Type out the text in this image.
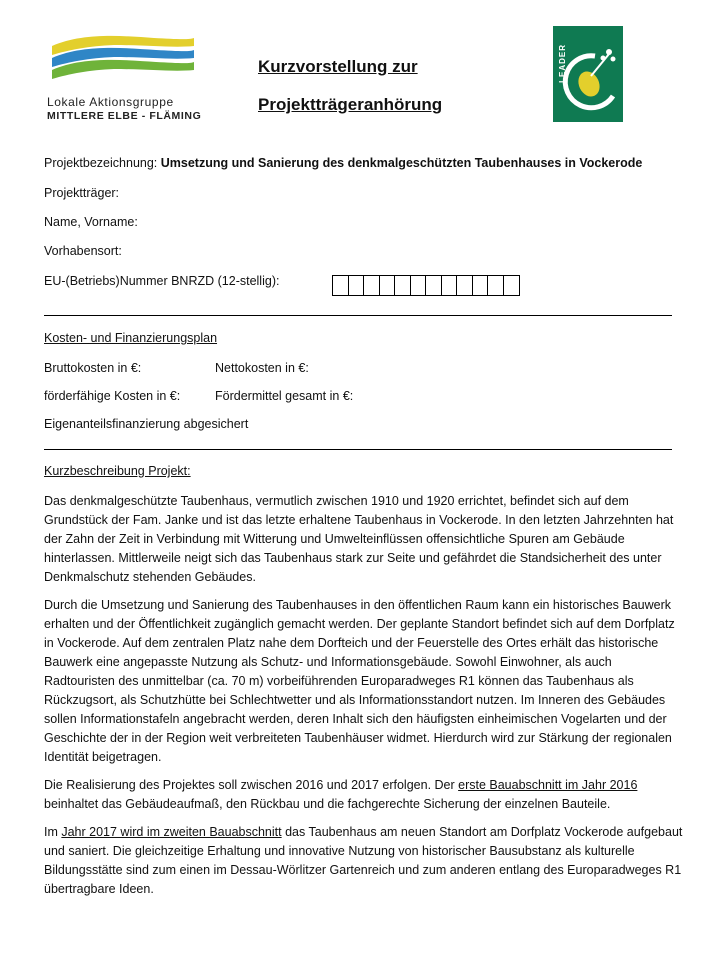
Lokale Aktionsgruppe
MITTLERE ELBE - FLÄMING
Kurzvorstellung zur
Projektträgeranhörung
LEADER
Projektbezeichnung: Umsetzung und Sanierung des denkmalgeschützten Taubenhauses in Vockerode
Projektträger:
Name, Vorname:
Vorhabensort:
EU-(Betriebs)Nummer BNRZD (12-stellig):
Kosten- und Finanzierungsplan
Bruttokosten in €:	Nettokosten in €:
förderfähige Kosten in €:	Fördermittel gesamt in €:
Eigenanteilsfinanzierung abgesichert
Kurzbeschreibung Projekt:

Das denkmalgeschützte Taubenhaus, vermutlich zwischen 1910 und 1920 errichtet, befindet sich auf dem Grundstück der Fam. Janke und ist das letzte erhaltene Taubenhaus in Vockerode. In den letzten Jahrzehnten hat der Zahn der Zeit in Verbindung mit Witterung und Umwelteinflüssen offensichtliche Spuren am Gebäude hinterlassen. Mittlerweile neigt sich das Taubenhaus stark zur Seite und gefährdet die Standsicherheit des unter Denkmalschutz stehenden Gebäudes.

Durch die Umsetzung und Sanierung des Taubenhauses in den öffentlichen Raum kann ein historisches Bauwerk erhalten und der Öffentlichkeit zugänglich gemacht werden. Der geplante Standort befindet sich auf dem Dorfplatz in Vockerode. Auf dem zentralen Platz nahe dem Dorfteich und der Feuerstelle des Ortes erhält das historische Bauwerk eine angepasste Nutzung als Schutz- und Informationsgebäude. Sowohl Einwohner, als auch Radtouristen des unmittelbar (ca. 70 m) vorbeiführenden Europaradweges R1 können das Taubenhaus als Rückzugsort, als Schutzhütte bei Schlechtwetter und als Informationsstandort nutzen. Im Inneren des Gebäudes sollen Informationstafeln angebracht werden, deren Inhalt sich den häufigsten einheimischen Vogelarten und der Geschichte der in der Region weit verbreiteten Taubenhäuser widmet. Hierdurch wird zur Stärkung der regionalen Identität beigetragen.

Die Realisierung des Projektes soll zwischen 2016 und 2017 erfolgen. Der erste Bauabschnitt im Jahr 2016 beinhaltet das Gebäudeaufmaß, den Rückbau und die fachgerechte Sicherung der einzelnen Bauteile.

Im Jahr 2017 wird im zweiten Bauabschnitt das Taubenhaus am neuen Standort am Dorfplatz Vockerode aufgebaut und saniert. Die gleichzeitige Erhaltung und innovative Nutzung von historischer Bausubstanz als kulturelle Bildungsstätte sind zum einen im Dessau-Wörlitzer Gartenreich und zum anderen entlang des Europaradweges R1 übertragbare Ideen.
